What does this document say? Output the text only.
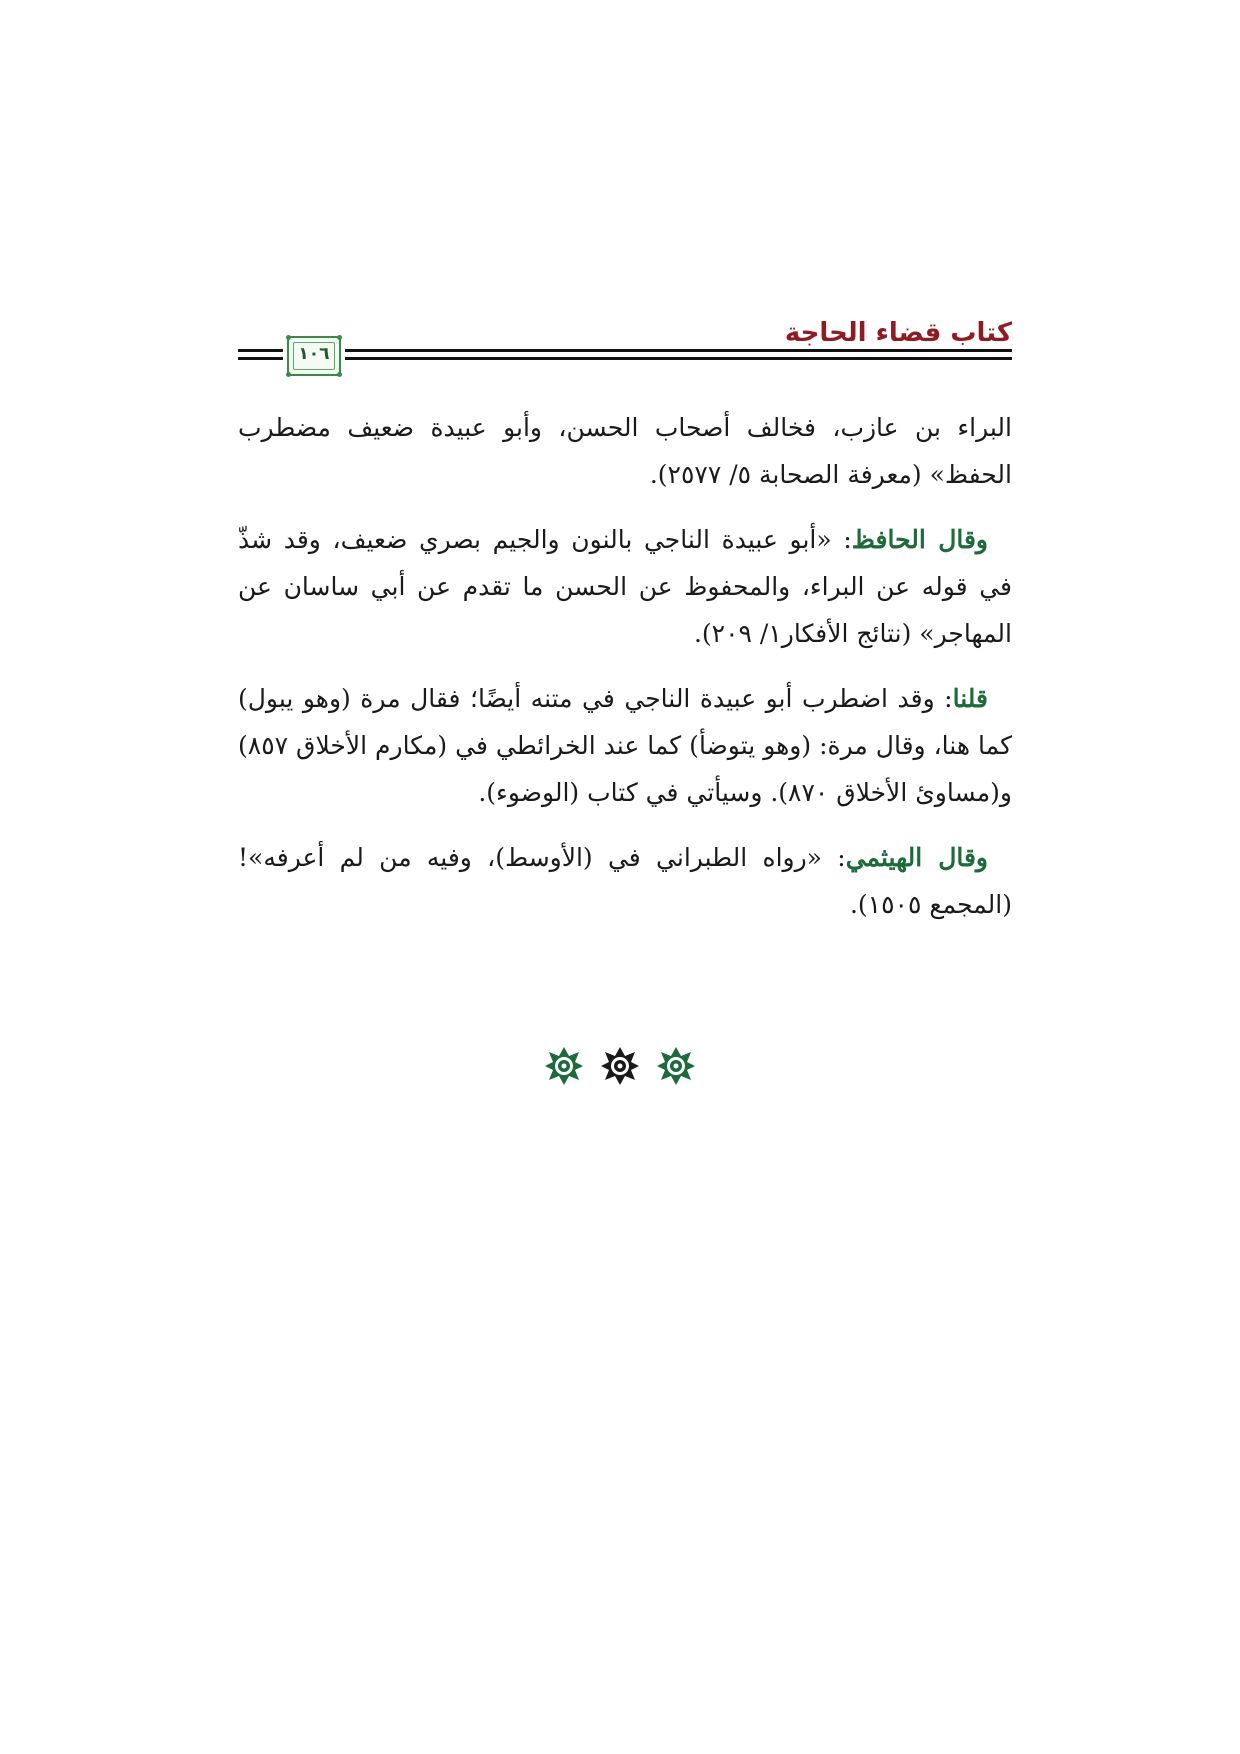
كتاب قضاء الحاجة
١٠٦

البراء بن عازب، فخالف أصحاب الحسن، وأبو عبيدة ضعيف مضطرب الحفظ» (معرفة الصحابة ٥/ ٢٥٧٧).

وقال الحافظ: «أبو عبيدة الناجي بالنون والجيم بصري ضعيف، وقد شذّ في قوله عن البراء، والمحفوظ عن الحسن ما تقدم عن أبي ساسان عن المهاجر» (نتائج الأفكار١/ ٢٠٩).

قلنا: وقد اضطرب أبو عبيدة الناجي في متنه أيضًا؛ فقال مرة (وهو يبول) كما هنا، وقال مرة: (وهو يتوضأ) كما عند الخرائطي في (مكارم الأخلاق ٨٥٧) و(مساوئ الأخلاق ٨٧٠). وسيأتي في كتاب (الوضوء).

وقال الهيثمي: «رواه الطبراني في (الأوسط)، وفيه من لم أعرفه»! (المجمع ١٥٠٥).
